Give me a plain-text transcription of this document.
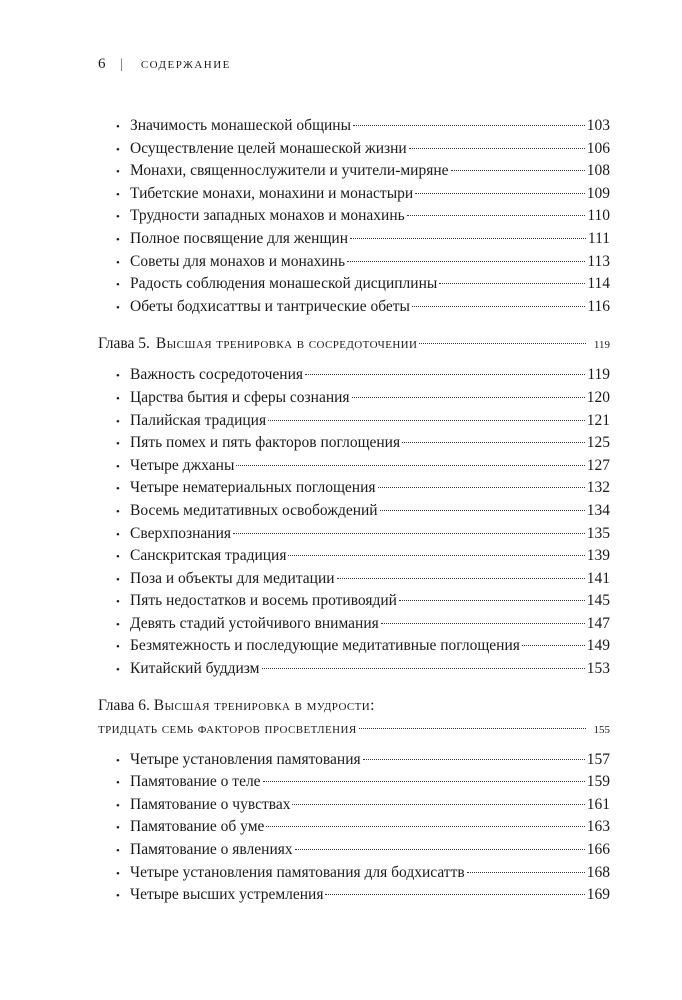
6	| СОДЕРЖАНИЕ
• Значимость монашеской общины	103
• Осуществление целей монашеской жизни	106
• Монахи, священнослужители и учители-миряне	108
• Тибетские монахи, монахини и монастыри	109
• Трудности западных монахов и монахинь	110
• Полное посвящение для женщин	111
• Советы для монахов и монахинь	113
• Радость соблюдения монашеской дисциплины	114
• Обеты бодхисаттвы и тантрические обеты	116
Глава 5. Высшая тренировка в сосредоточении	119
• Важность сосредоточения	119
• Царства бытия и сферы сознания	120
• Палийская традиция	121
• Пять помех и пять факторов поглощения	125
• Четыре джханы	127
• Четыре нематериальных поглощения	132
• Восемь медитативных освобождений	134
• Сверхпознания	135
• Санскритская традиция	139
• Поза и объекты для медитации	141
• Пять недостатков и восемь противоядий	145
• Девять стадий устойчивого внимания	147
• Безмятежность и последующие медитативные поглощения	149
• Китайский буддизм	153
Глава 6. Высшая тренировка в мудрости:
тридцать семь факторов просветления	155
• Четыре установления памятования	157
• Памятование о теле	159
• Памятование о чувствах	161
• Памятование об уме	163
• Памятование о явлениях	166
• Четыре установления памятования для бодхисаттв	168
• Четыре высших устремления	169
